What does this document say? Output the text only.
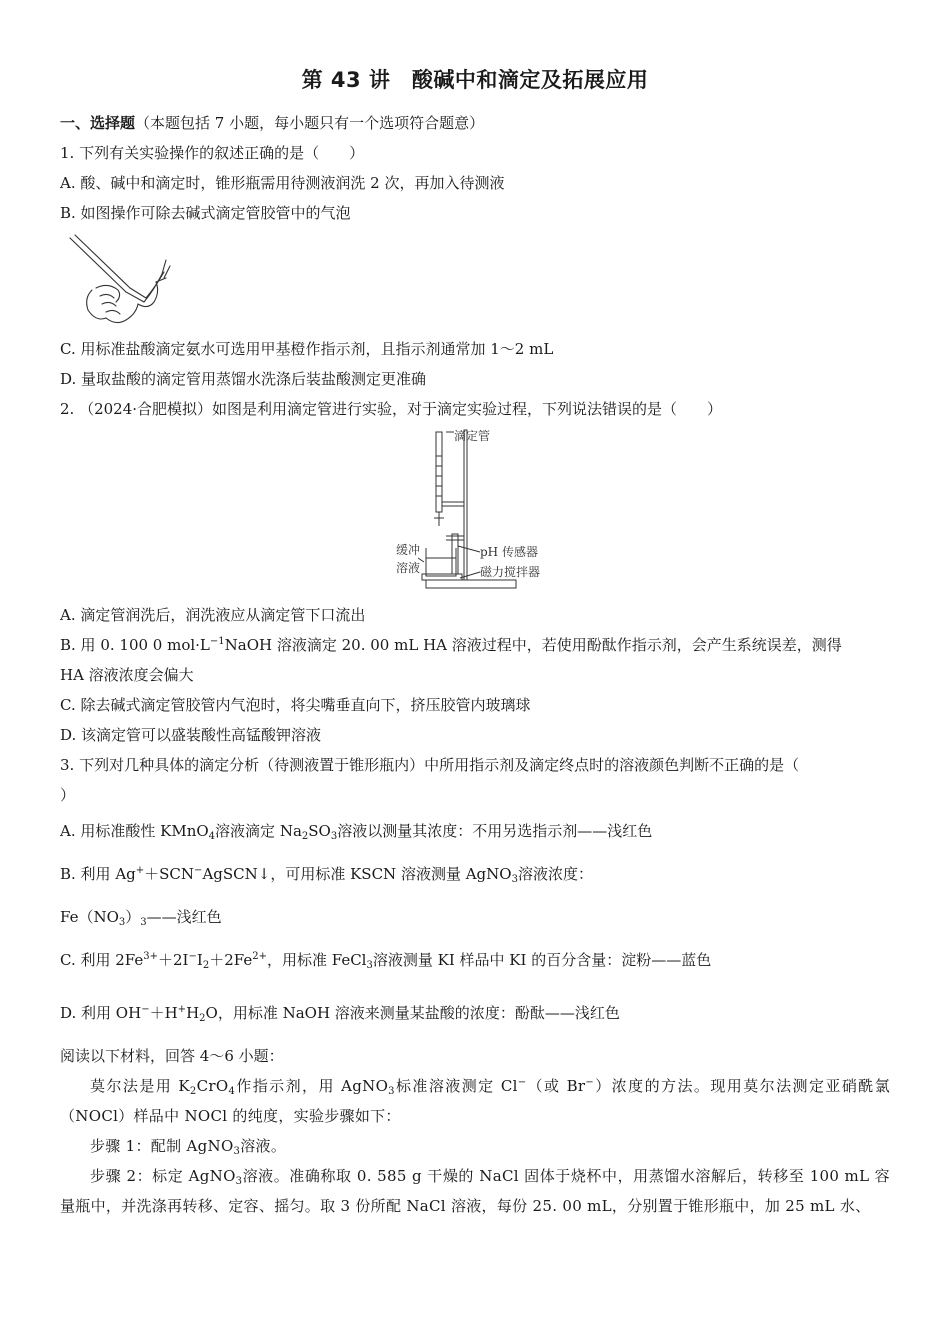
第 43 讲　酸碱中和滴定及拓展应用

一、选择题（本题包括 7 小题，每小题只有一个选项符合题意）

1. 下列有关实验操作的叙述正确的是（　　）

A. 酸、碱中和滴定时，锥形瓶需用待测液润洗 2 次，再加入待测液

B. 如图操作可除去碱式滴定管胶管中的气泡

C. 用标准盐酸滴定氨水可选用甲基橙作指示剂，且指示剂通常加 1～2 mL

D. 量取盐酸的滴定管用蒸馏水洗涤后装盐酸测定更准确

2. （2024·合肥模拟）如图是利用滴定管进行实验，对于滴定实验过程，下列说法错误的是（　　）

滴定管
pH 传感器
缓冲
溶液	磁力搅拌器

A. 滴定管润洗后，润洗液应从滴定管下口流出

B. 用 0. 100 0 $mol\cdot L^{-1}NaOH$ 溶液滴定 20. 00 mL HA 溶液过程中，若使用酚酞作指示剂，会产生系统误差，测得

HA 溶液浓度会偏大

C. 除去碱式滴定管胶管内气泡时，将尖嘴垂直向下，挤压胶管内玻璃球

D. 该滴定管可以盛装酸性高锰酸钾溶液

3. 下列对几种具体的滴定分析（待测液置于锥形瓶内）中所用指示剂及滴定终点时的溶液颜色判断不正确的是（

）

A. 用标准酸性 KMnO$_4$溶液滴定 $Na_2SO_3$溶液以测量其浓度：不用另选指示剂——浅红色

B. 利用 Ag+＋SCN−AgSCN↓，可用标准 KSCN 溶液测量 AgNO$_3$溶液浓度：

$Fe(NO_3)_3——$浅红色

C. 利用 $2Fe^{3+}+2I^-I_2+2Fe^{2+}$，用标准 FeCl$_3$溶液测量 KI 样品中 KI 的百分含量：淀粉——蓝色

D. 利用 $OH^-+H^+H_2O$，用标准 NaOH 溶液来测量某盐酸的浓度：酚酞——浅红色

阅读以下材料，回答 4～6 小题：

莫尔法是用 $K_2CrO_4$作指示剂，用 AgNO$_3$标准溶液测定 Cl−（或 Br−）浓度的方法。现用莫尔法测定亚硝酰氯（NOCl）样品中 NOCl 的纯度，实验步骤如下：

步骤 1：配制 AgNO$_3$溶液。

步骤 2：标定 AgNO$_3$溶液。准确称取 0. 585 g 干燥的 NaCl 固体于烧杯中，用蒸馏水溶解后，转移至 100 mL 容量瓶中，并洗涤再转移、定容、摇匀。取 3 份所配 NaCl 溶液，每份 25. 00 mL，分别置于锥形瓶中，加 25 mL 水、
